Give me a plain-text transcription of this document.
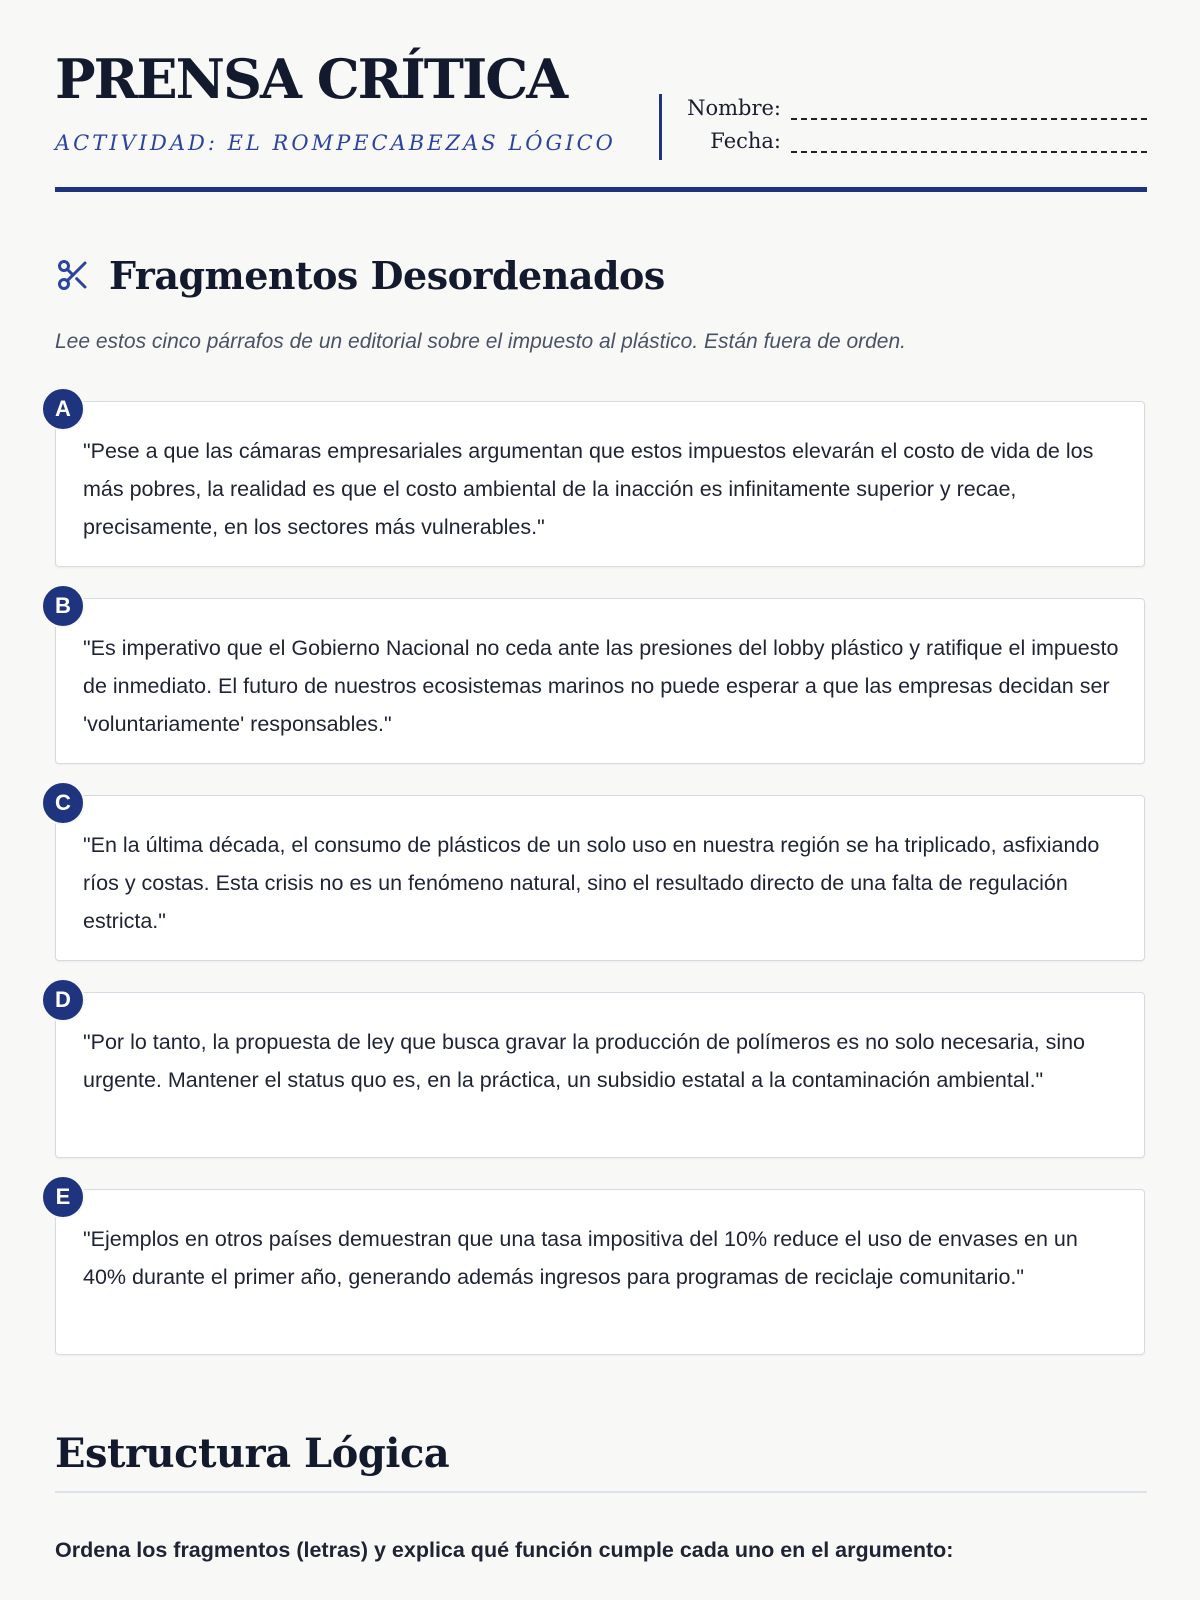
PRENSA CRÍTICA
ACTIVIDAD: EL ROMPECABEZAS LÓGICO
Nombre:
Fecha:
Fragmentos Desordenados
Lee estos cinco párrafos de un editorial sobre el impuesto al plástico. Están fuera de orden.
A
"Pese a que las cámaras empresariales argumentan que estos impuestos elevarán el costo de vida de los más pobres, la realidad es que el costo ambiental de la inacción es infinitamente superior y recae, precisamente, en los sectores más vulnerables."
B
"Es imperativo que el Gobierno Nacional no ceda ante las presiones del lobby plástico y ratifique el impuesto de inmediato. El futuro de nuestros ecosistemas marinos no puede esperar a que las empresas decidan ser 'voluntariamente' responsables."
C
"En la última década, el consumo de plásticos de un solo uso en nuestra región se ha triplicado, asfixiando ríos y costas. Esta crisis no es un fenómeno natural, sino el resultado directo de una falta de regulación estricta."
D
"Por lo tanto, la propuesta de ley que busca gravar la producción de polímeros es no solo necesaria, sino urgente. Mantener el status quo es, en la práctica, un subsidio estatal a la contaminación ambiental."
E
"Ejemplos en otros países demuestran que una tasa impositiva del 10% reduce el uso de envases en un 40% durante el primer año, generando además ingresos para programas de reciclaje comunitario."
Estructura Lógica
Ordena los fragmentos (letras) y explica qué función cumple cada uno en el argumento:
